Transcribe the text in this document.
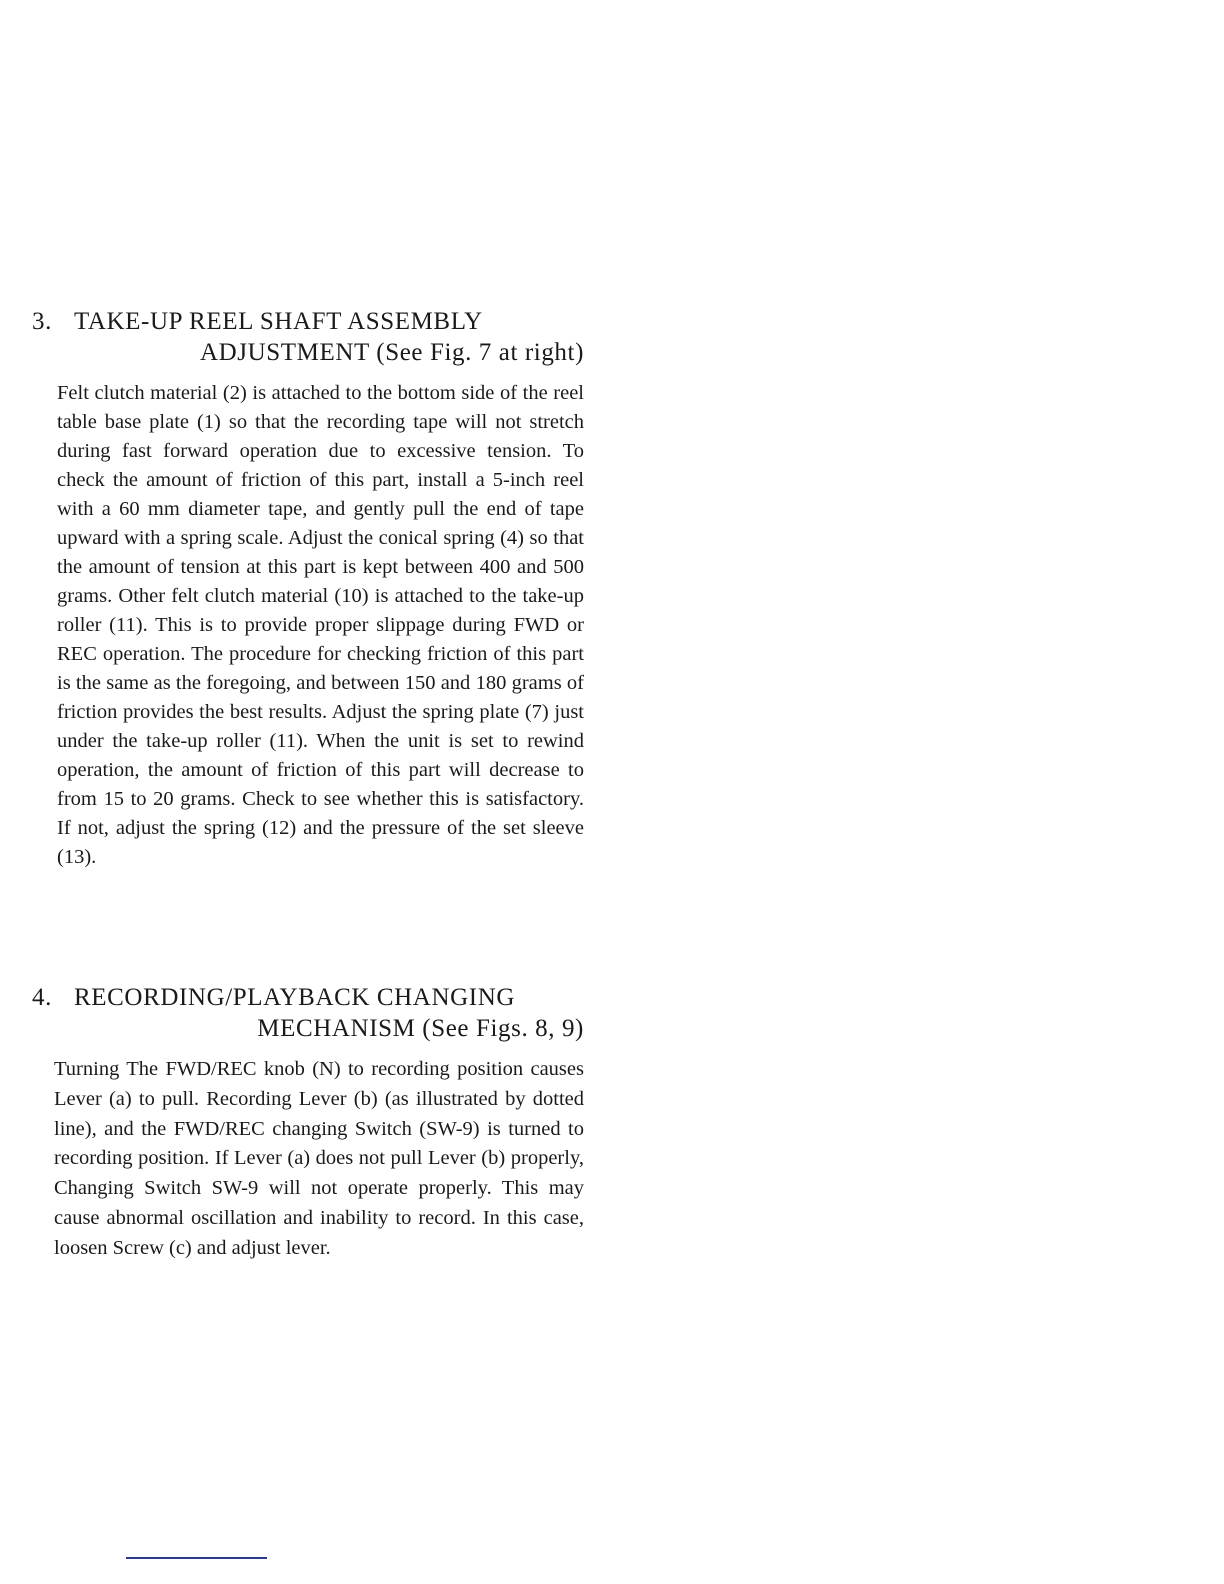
3. TAKE-UP REEL SHAFT ASSEMBLY
ADJUSTMENT (See Fig. 7 at right)

Felt clutch material (2) is attached to the bottom side of the reel table base plate (1) so that the recording tape will not stretch during fast forward operation due to excessive tension. To check the amount of friction of this part, install a 5-inch reel with a 60 mm diameter tape, and gently pull the end of tape upward with a spring scale. Adjust the conical spring (4) so that the amount of tension at this part is kept between 400 and 500 grams. Other felt clutch material (10) is attached to the take-up roller (11). This is to provide proper slippage during FWD or REC operation. The procedure for checking friction of this part is the same as the foregoing, and between 150 and 180 grams of friction provides the best results. Adjust the spring plate (7) just under the take-up roller (11). When the unit is set to rewind operation, the amount of friction of this part will decrease to from 15 to 20 grams. Check to see whether this is satisfactory. If not, adjust the spring (12) and the pressure of the set sleeve (13).

4. RECORDING/PLAYBACK CHANGING
MECHANISM (See Figs. 8, 9)

Turning The FWD/REC knob (N) to recording position causes Lever (a) to pull. Recording Lever (b) (as illustrated by dotted line), and the FWD/REC changing Switch (SW-9) is turned to recording position. If Lever (a) does not pull Lever (b) properly, Changing Switch SW-9 will not operate properly. This may cause abnormal oscillation and inability to record. In this case, loosen Screw (c) and adjust lever.
